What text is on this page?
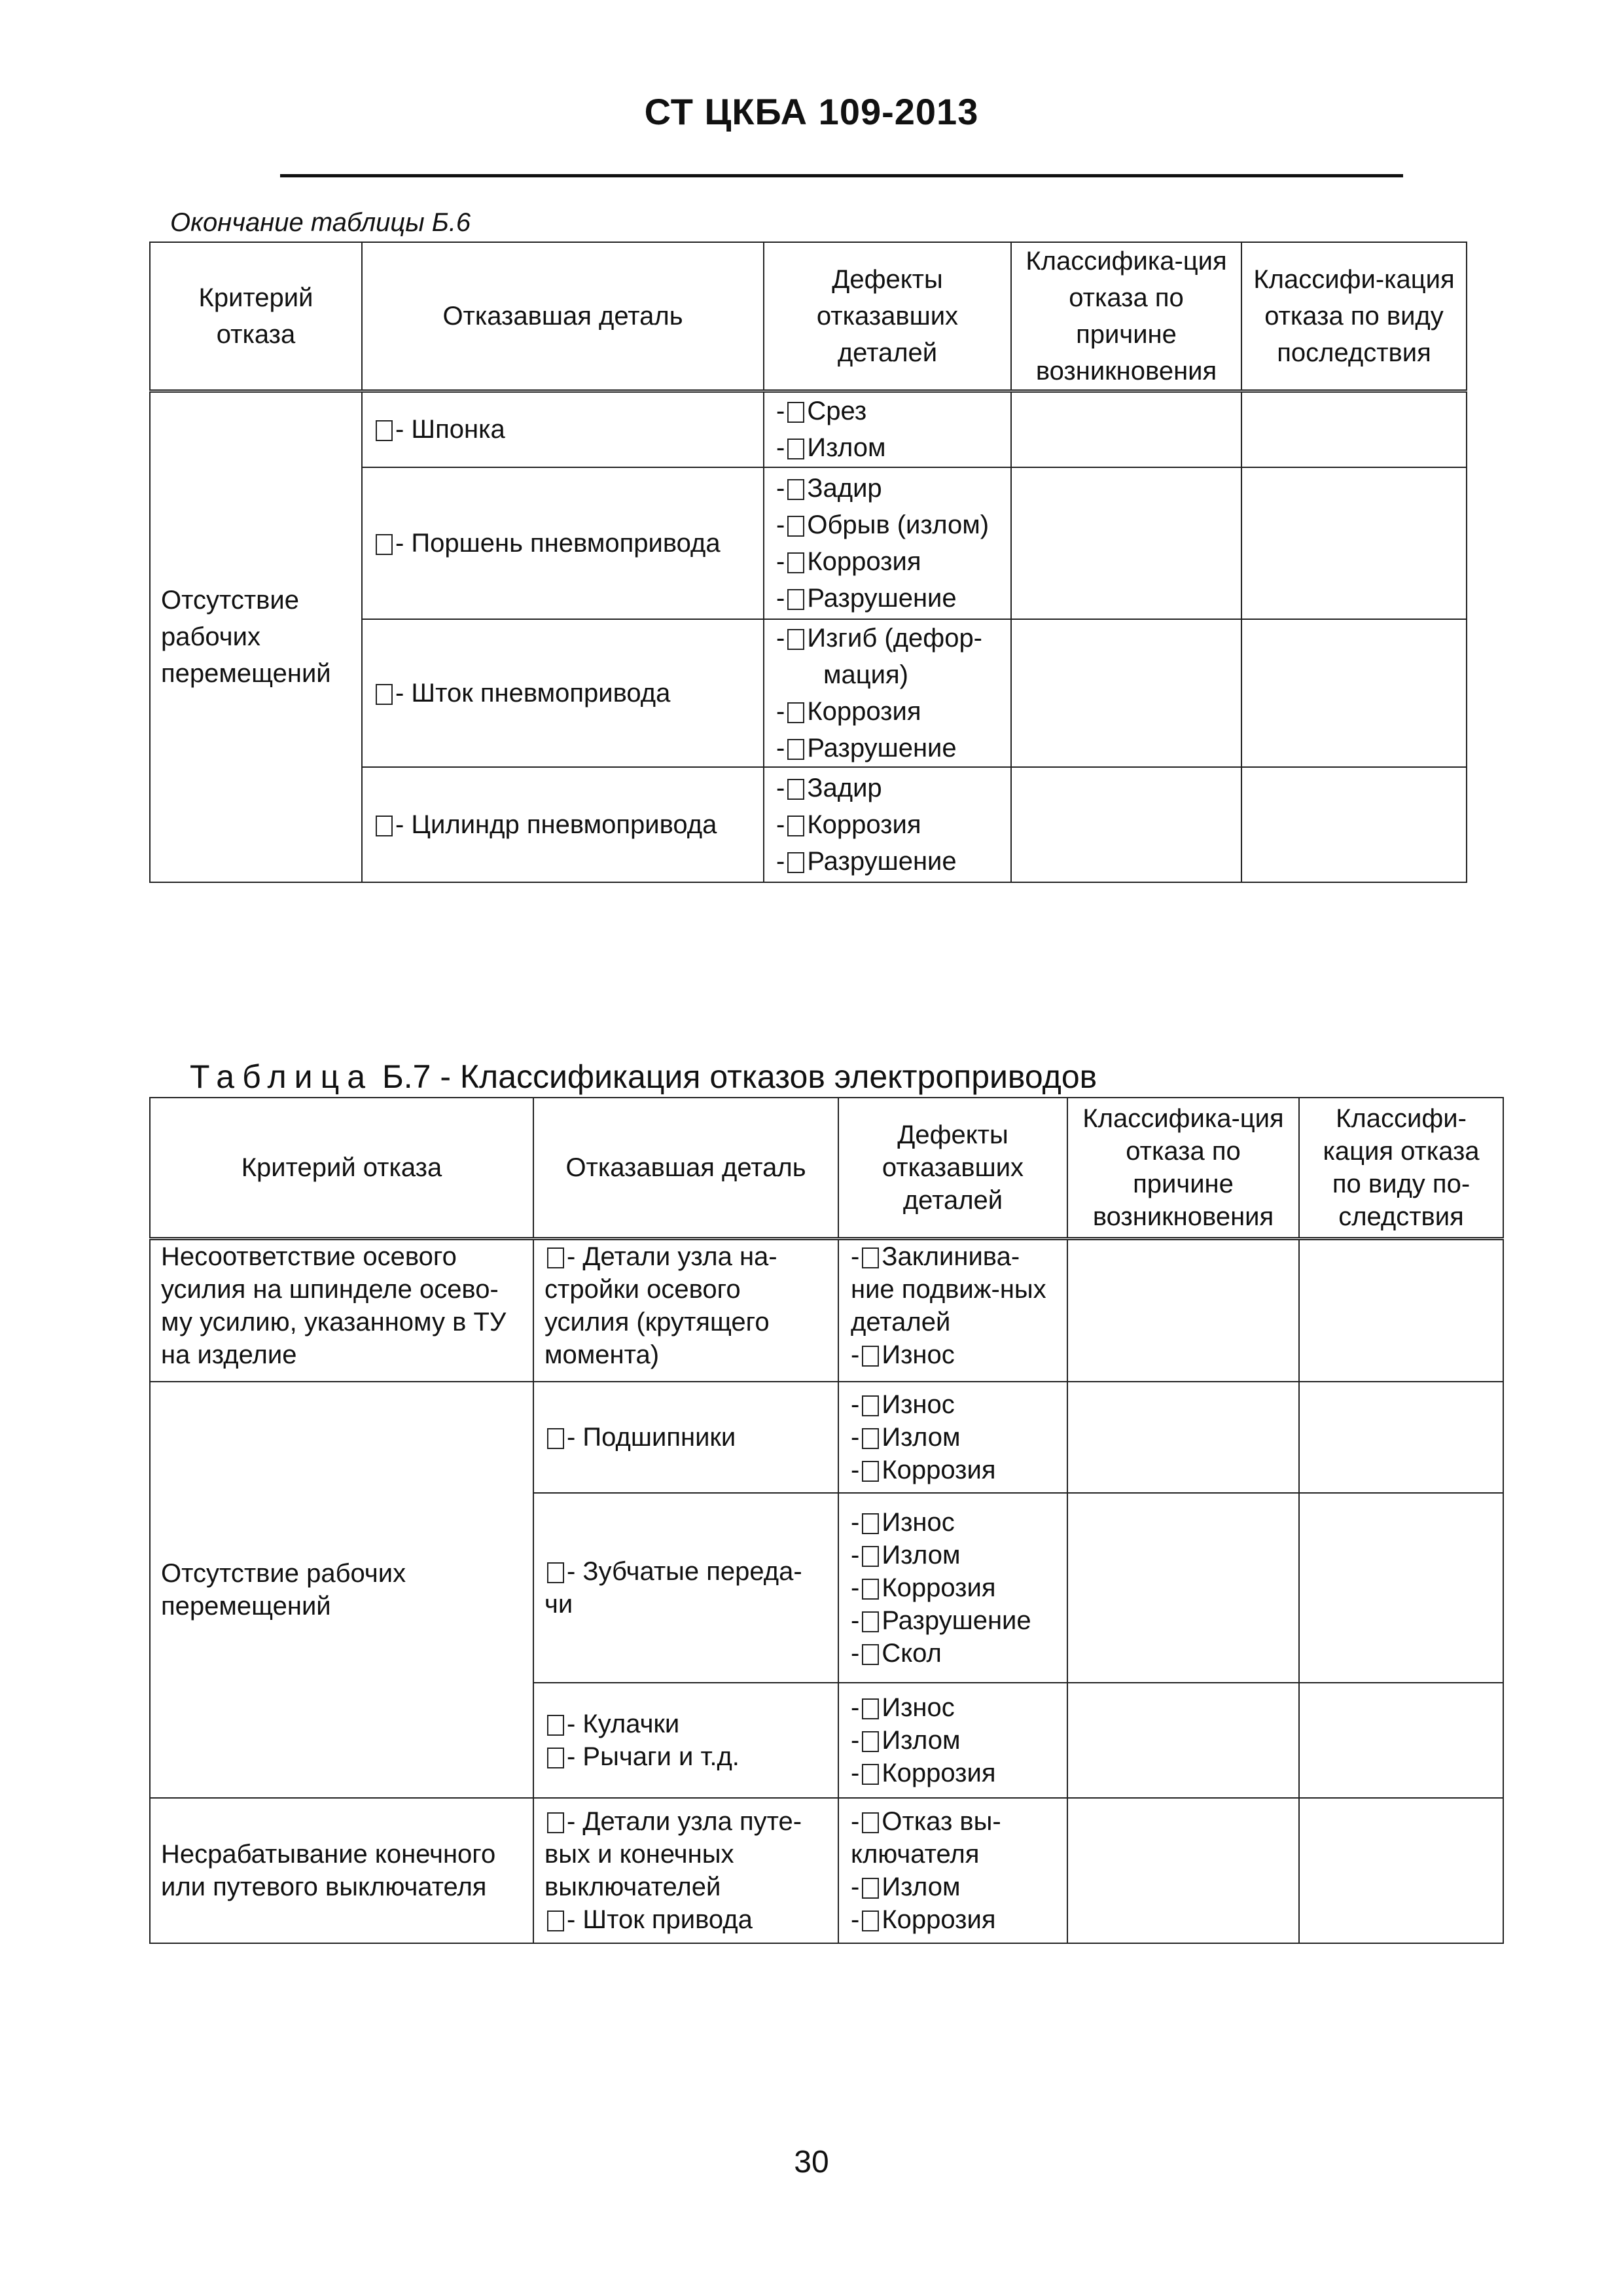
СТ ЦКБА 109-2013
Окончание таблицы Б.6
Критерий отказа	Отказавшая деталь	Дефекты отказавших деталей	Классифика-ция отказа по причине возникновения	Классифи-кация отказа по виду последствия
Отсутствие рабочих перемещений	- Шпонка	- Срез
- Излом		

	- Поршень пневмопривода	- Задир
- Обрыв (излом)
- Коррозия
- Разрушение		

	- Шток пневмопривода	- Изгиб (дефор-
мация)
- Коррозия
- Разрушение		

	- Цилиндр пневмопривода	- Задир
- Коррозия
- Разрушение		

Таблица Б.7 - Классификация отказов электроприводов
Критерий отказа	Отказавшая деталь	Дефекты отказавших деталей	Классифика-ция отказа по причине возникновения	Классифи-кация отказа по виду по-следствия
Несоответствие осевого усилия на шпинделе осево-му усилию, указанному в ТУ на изделие	- Детали узла на-стройки осевого усилия (крутящего момента)	- Заклинива-ние подвиж-ных деталей
- Износ		

Отсутствие рабочих перемещений	- Подшипники	- Износ
- Излом
- Коррозия		

	- Зубчатые переда-чи	- Износ
- Излом
- Коррозия
- Разрушение
- Скол		

	- Кулачки
- Рычаги и т.д.	- Износ
- Излом
- Коррозия		

Несрабатывание конечного или путевого выключателя	- Детали узла путе-вых и конечных выключателей
- Шток привода	- Отказ вы-ключателя
- Излом
- Коррозия		

30
